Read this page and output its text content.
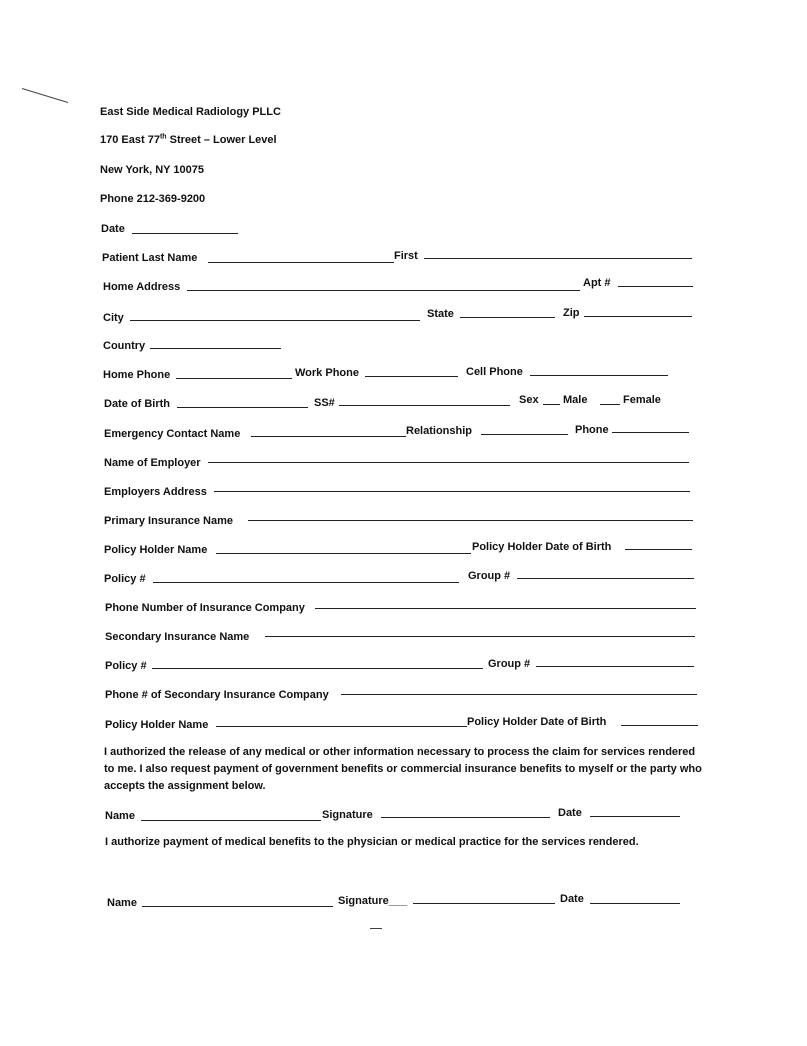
East Side Medical Radiology PLLC
170 East 77th Street – Lower Level
New York, NY 10075
Phone 212-369-9200
Date
Patient Last Name	First
Home Address	Apt #
City	State	Zip
Country
Home Phone	Work Phone	Cell Phone
Date of Birth	SS#	Sex Male	Female
Emergency Contact Name	Relationship	Phone
Name of Employer
Employers Address
Primary Insurance Name
Policy Holder Name	Policy Holder Date of Birth
Policy #	Group #
Phone Number of Insurance Company
Secondary Insurance Name
Policy #	Group #
Phone # of Secondary Insurance Company
Policy Holder Name	Policy Holder Date of Birth
I authorized the release of any medical or other information necessary to process the claim for services rendered to me. I also request payment of government benefits or commercial insurance benefits to myself or the party who accepts the assignment below.
Name	Signature	Date
I authorize payment of medical benefits to the physician or medical practice for the services rendered.
Name	Signature___	Date
